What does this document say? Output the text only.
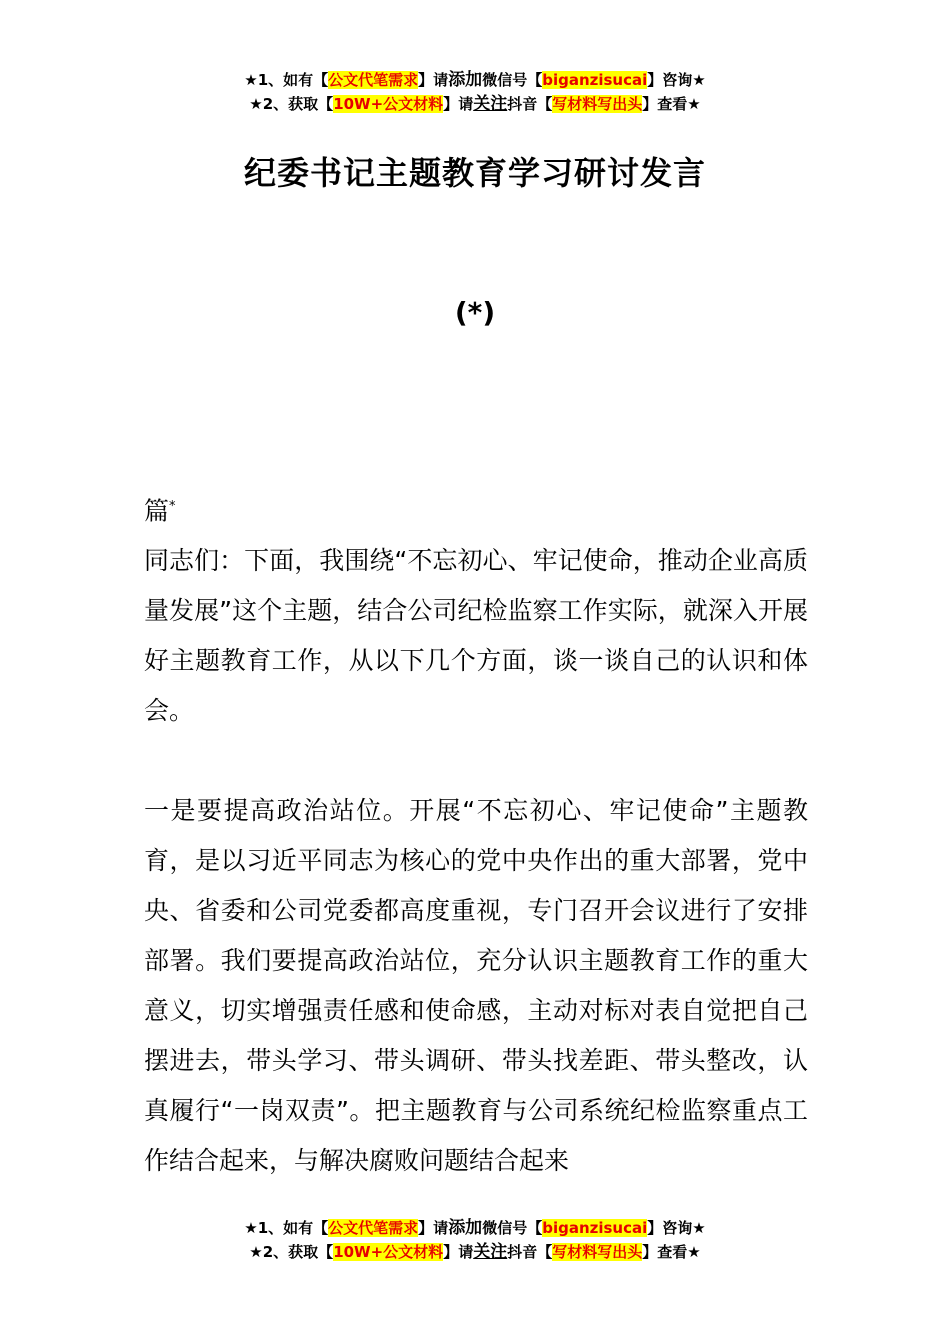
★1、如有【公文代笔需求】请添加微信号【biganzisucai】咨询★
★2、获取【10W+公文材料】请关注抖音【写材料写出头】查看★
纪委书记主题教育学习研讨发言
(*)

篇*

同志们：下面，我围绕“不忘初心、牢记使命，推动企业高质量发展”这个主题，结合公司纪检监察工作实际，就深入开展好主题教育工作，从以下几个方面，谈一谈自己的认识和体会。

一是要提高政治站位。开展“不忘初心、牢记使命”主题教育，是以习近平同志为核心的党中央作出的重大部署，党中央、省委和公司党委都高度重视，专门召开会议进行了安排部署。我们要提高政治站位，充分认识主题教育工作的重大意义，切实增强责任感和使命感，主动对标对表自觉把自己摆进去，带头学习、带头调研、带头找差距、带头整改，认真履行“一岗双责”。把主题教育与公司系统纪检监察重点工作结合起来，与解决腐败问题结合起来

★1、如有【公文代笔需求】请添加微信号【biganzisucai】咨询★
★2、获取【10W+公文材料】请关注抖音【写材料写出头】查看★
